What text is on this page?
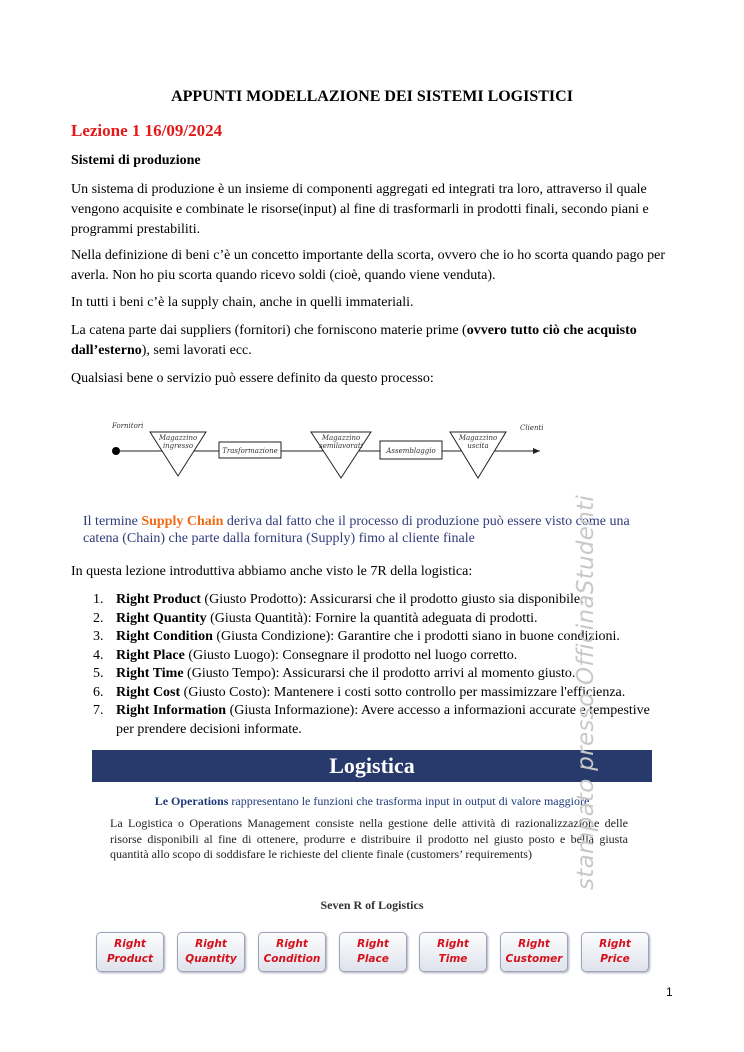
APPUNTI MODELLAZIONE DEI SISTEMI LOGISTICI
Lezione 1 16/09/2024
Sistemi di produzione
Un sistema di produzione è un insieme di componenti aggregati ed integrati tra loro, attraverso il quale vengono acquisite e combinate le risorse(input) al fine di trasformarli in prodotti finali, secondo piani e programmi prestabiliti.
Nella definizione di beni c’è un concetto importante della scorta, ovvero che io ho scorta quando pago per averla. Non ho piu scorta quando ricevo soldi (cioè, quando viene venduta).
In tutti i beni c’è la supply chain, anche in quelli immateriali.
La catena parte dai suppliers (fornitori) che forniscono materie prime (ovvero tutto ciò che acquisto dall’esterno), semi lavorati ecc.
Qualsiasi bene o servizio può essere definito da questo processo:
Fornitori	Clienti
Magazzino
ingresso
Trasformazione
Magazzino
semilavorati
Assemblaggio
Magazzino
uscita
Il termine Supply Chain deriva dal fatto che il processo di produzione può essere visto come una catena (Chain) che parte dalla fornitura (Supply) fimo al cliente finale
In questa lezione introduttiva abbiamo anche visto le 7R della logistica:
1. Right Product (Giusto Prodotto): Assicurarsi che il prodotto giusto sia disponibile.
2. Right Quantity (Giusta Quantità): Fornire la quantità adeguata di prodotti.
3. Right Condition (Giusta Condizione): Garantire che i prodotti siano in buone condizioni.
4. Right Place (Giusto Luogo): Consegnare il prodotto nel luogo corretto.
5. Right Time (Giusto Tempo): Assicurarsi che il prodotto arrivi al momento giusto.
6. Right Cost (Giusto Costo): Mantenere i costi sotto controllo per massimizzare l'efficienza.
7. Right Information (Giusta Informazione): Avere accesso a informazioni accurate e tempestive per prendere decisioni informate.
Logistica
Le Operations rappresentano le funzioni che trasforma input in output di valore maggiore
La Logistica o Operations Management consiste nella gestione delle attività di razionalizzazione delle risorse disponibili al fine di ottenere, produrre e distribuire il prodotto nel giusto posto e bella giusta quantità allo scopo di soddisfare le richieste del cliente finale (customers’ requirements)
Seven R of Logistics
Right
Product
Right
Quantity
Right
Condition
Right
Place
Right
Time
Right
Customer
Right
Price
stampato presso OfficinaStudenti
1
